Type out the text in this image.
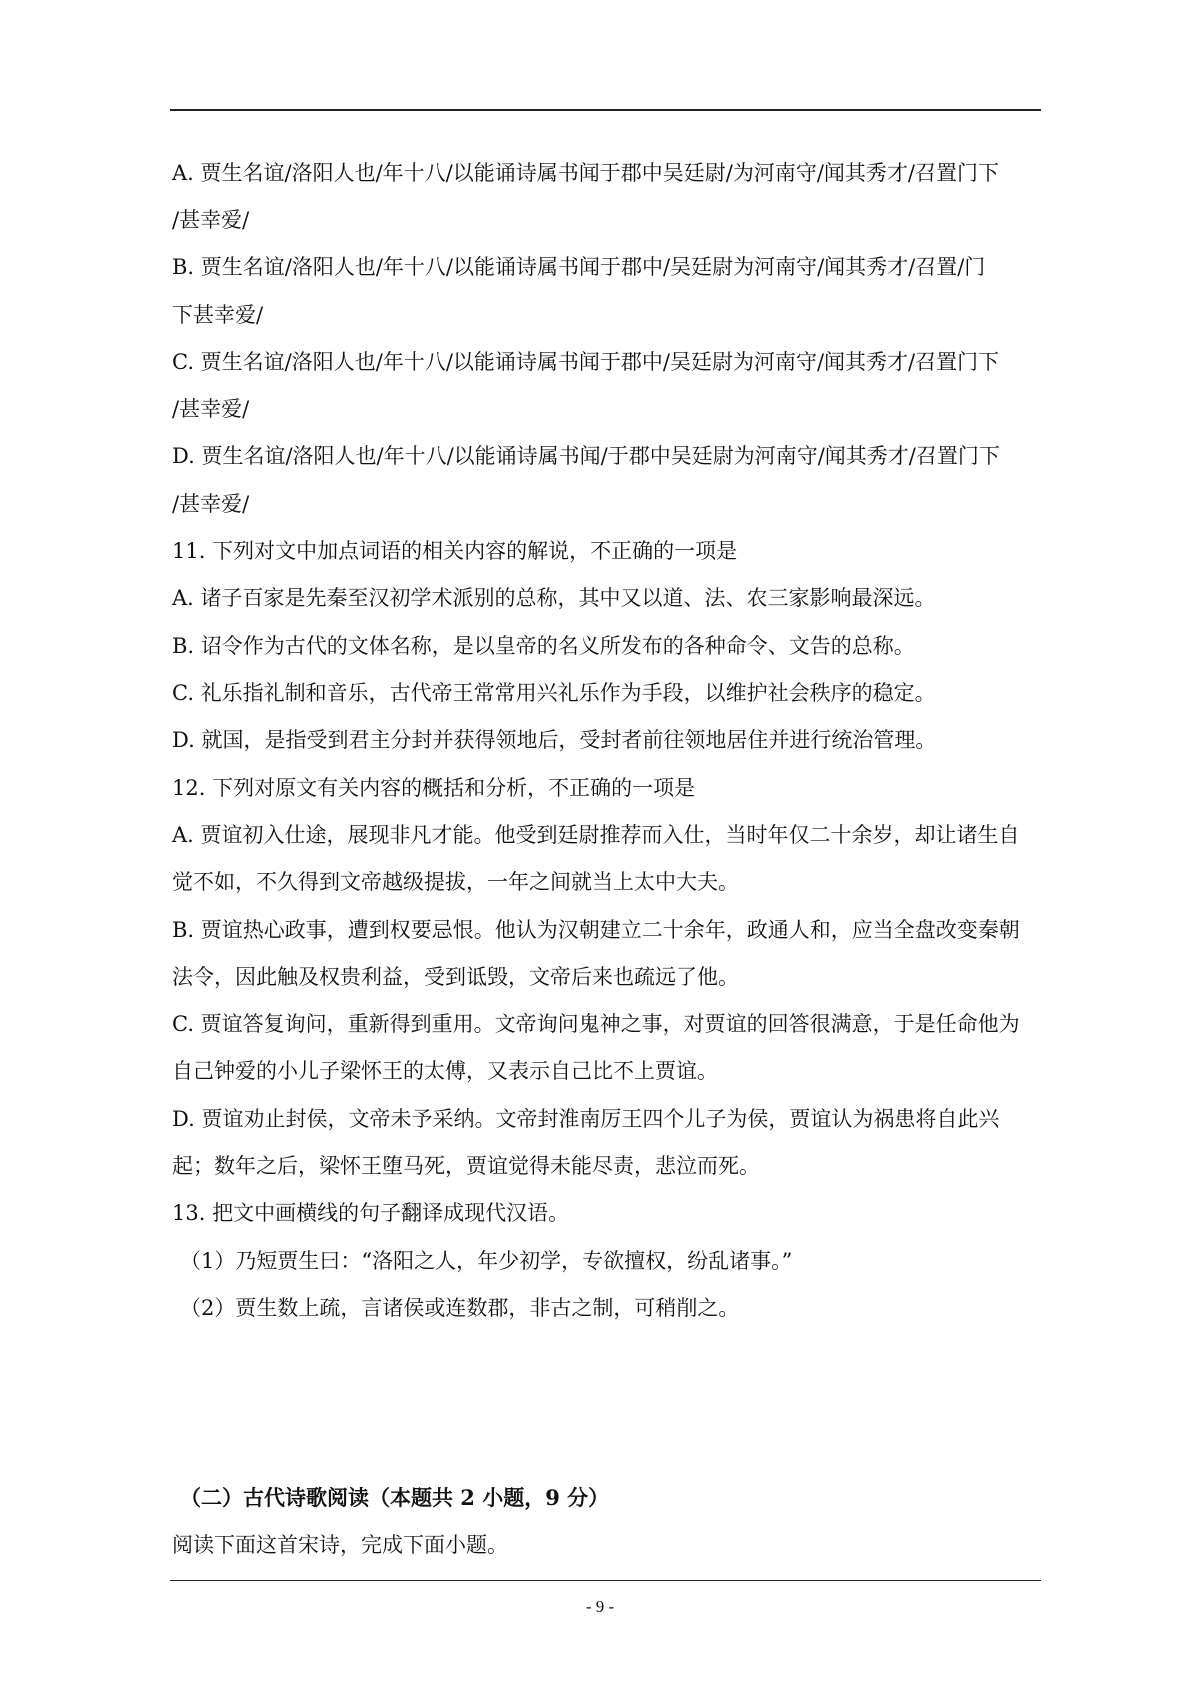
A. 贾生名谊/洛阳人也/年十八/以能诵诗属书闻于郡中吴廷尉/为河南守/闻其秀才/召置门下
/甚幸爱/
B. 贾生名谊/洛阳人也/年十八/以能诵诗属书闻于郡中/吴廷尉为河南守/闻其秀才/召置/门
下甚幸爱/
C. 贾生名谊/洛阳人也/年十八/以能诵诗属书闻于郡中/吴廷尉为河南守/闻其秀才/召置门下
/甚幸爱/
D. 贾生名谊/洛阳人也/年十八/以能诵诗属书闻/于郡中吴廷尉为河南守/闻其秀才/召置门下
/甚幸爱/
11. 下列对文中加点词语的相关内容的解说，不正确的一项是
A. 诸子百家是先秦至汉初学术派别的总称，其中又以道、法、农三家影响最深远。
B. 诏令作为古代的文体名称，是以皇帝的名义所发布的各种命令、文告的总称。
C. 礼乐指礼制和音乐，古代帝王常常用兴礼乐作为手段，以维护社会秩序的稳定。
D. 就国，是指受到君主分封并获得领地后，受封者前往领地居住并进行统治管理。
12. 下列对原文有关内容的概括和分析，不正确的一项是
A. 贾谊初入仕途，展现非凡才能。他受到廷尉推荐而入仕，当时年仅二十余岁，却让诸生自
觉不如，不久得到文帝越级提拔，一年之间就当上太中大夫。
B. 贾谊热心政事，遭到权要忌恨。他认为汉朝建立二十余年，政通人和，应当全盘改变秦朝
法令，因此触及权贵利益，受到诋毁，文帝后来也疏远了他。
C. 贾谊答复询问，重新得到重用。文帝询问鬼神之事，对贾谊的回答很满意，于是任命他为
自己钟爱的小儿子梁怀王的太傅，又表示自己比不上贾谊。
D. 贾谊劝止封侯，文帝未予采纳。文帝封淮南厉王四个儿子为侯，贾谊认为祸患将自此兴
起；数年之后，梁怀王堕马死，贾谊觉得未能尽责，悲泣而死。
13. 把文中画横线的句子翻译成现代汉语。
（1）乃短贾生曰：“洛阳之人，年少初学，专欲擅权，纷乱诸事。”
（2）贾生数上疏，言诸侯或连数郡，非古之制，可稍削之。
（二）古代诗歌阅读（本题共 2 小题，9 分）
阅读下面这首宋诗，完成下面小题。
- 9 -
